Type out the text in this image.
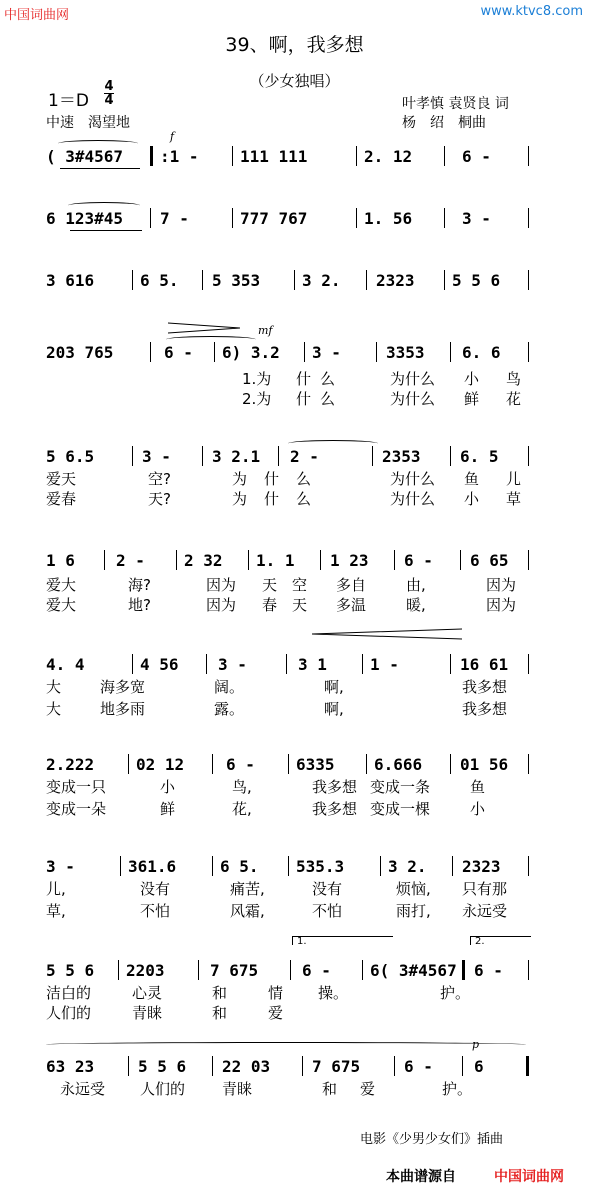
中国词曲网	www.ktvc8.com
39、啊，我多想
（少女独唱）
1＝D
4
4
中速　渴望地
叶孝慎 袁贤良 词
杨　绍　桐曲
f
( 3#4567 :1 -	111 111	2. 12	6 -
6 123#45 7 -	777 767	1. 56	3 -
3 616	6 5. 5 353	3 2. 2323 5 5 6
mf
203 765	6 - 6) 3.2 3 -	3353 6. 6
1.为 什 么	为什么 小 鸟
2.为 什 么	为什么 鲜 花
5 6.5	3 -	3 2.1 2 -	2353 6. 5
爱天	空?	为 什 么	为什么 鱼 儿
爱春	天?	为 什 么	为什么 小 草
1 6	2 - 2 32 1. 1 1 23 6 - 6 65
爱大	海?	因为 天 空 多自	由,	因为
爱大	地?	因为 春 天 多温	暖,	因为
4. 4	4 56 3 -	3 1	1 -	16 61
大	海多宽	阔。	啊,	我多想
大	地多雨	露。	啊,	我多想
2.222	02 12	6 -	6335 6.666 01 56
变成一只	小	鸟,	我多想 变成一条	鱼
变成一朵	鲜	花,	我多想 变成一棵	小
3 -	361.6	6 5. 535.3	3 2. 2323
儿,	没有	痛苦,	没有	烦恼, 只有那
草,	不怕	风霜,	不怕	雨打, 永远受
1.	2.
5 5 6 2203	7 675	6 - 6( 3#4567 6 -
洁白的	心灵	和	情 操。	护。
人们的	青睐	和	爱
p
63 23	5 5 6 22 03	7 675	6 -	6
永远受 人们的 青睐	和 爱	护。
电影《少男少女们》插曲
本曲谱源自	中国词曲网
